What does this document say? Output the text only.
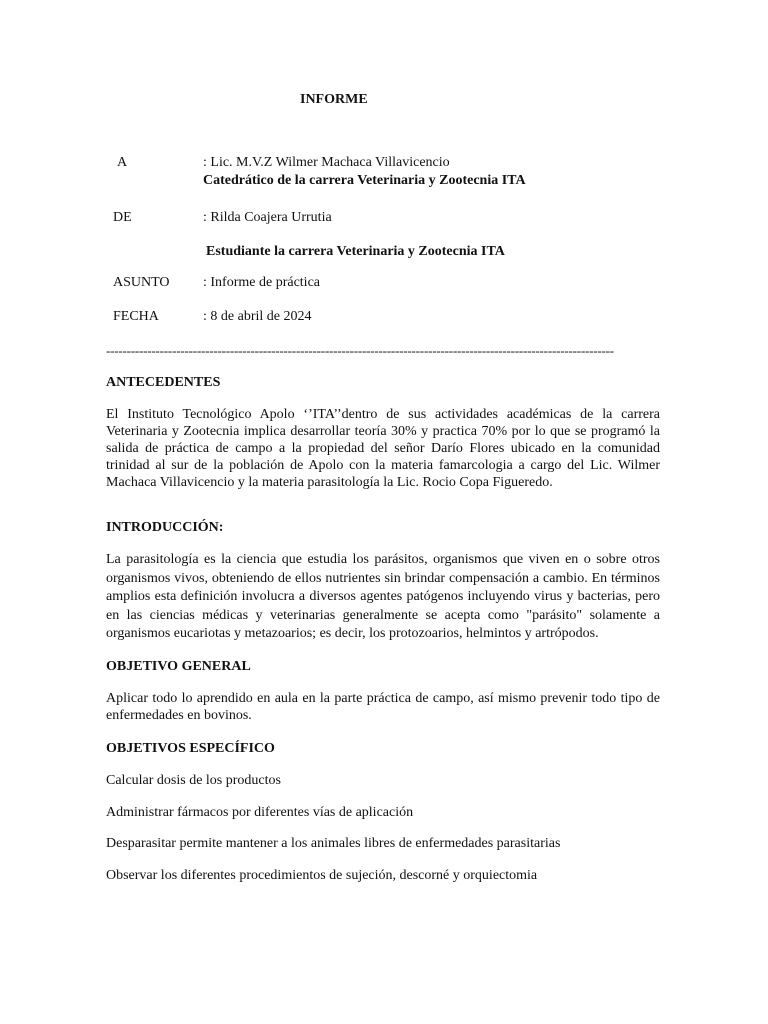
INFORME
A	: Lic. M.V.Z Wilmer Machaca Villavicencio
Catedrático de la carrera Veterinaria y Zootecnia ITA
DE	: Rilda Coajera Urrutia
Estudiante la carrera Veterinaria y Zootecnia ITA
ASUNTO : Informe de práctica
FECHA	: 8 de abril de 2024
---------------------------------------------------------------------------------------------------------------------------
ANTECEDENTES
El Instituto Tecnológico Apolo ‘’ITA’’dentro de sus actividades académicas de la carrera Veterinaria y Zootecnia implica desarrollar teoría 30% y practica 70% por lo que se programó la salida de práctica de campo a la propiedad del señor Darío Flores ubicado en la comunidad trinidad al sur de la población de Apolo con la materia famarcologia a cargo del Lic. Wilmer Machaca Villavicencio y la materia parasitología la Lic. Rocio Copa Figueredo.
INTRODUCCIÓN:
La parasitología es la ciencia que estudia los parásitos, organismos que viven en o sobre otros organismos vivos, obteniendo de ellos nutrientes sin brindar compensación a cambio. En términos amplios esta definición involucra a diversos agentes patógenos incluyendo virus y bacterias, pero en las ciencias médicas y veterinarias generalmente se acepta como "parásito" solamente a organismos eucariotas y metazoarios; es decir, los protozoarios, helmintos y artrópodos.
OBJETIVO GENERAL
Aplicar todo lo aprendido en aula en la parte práctica de campo, así mismo prevenir todo tipo de enfermedades en bovinos.
OBJETIVOS ESPECÍFICO
Calcular dosis de los productos
Administrar fármacos por diferentes vías de aplicación
Desparasitar permite mantener a los animales libres de enfermedades parasitarias
Observar los diferentes procedimientos de sujeción, descorné y orquiectomia
